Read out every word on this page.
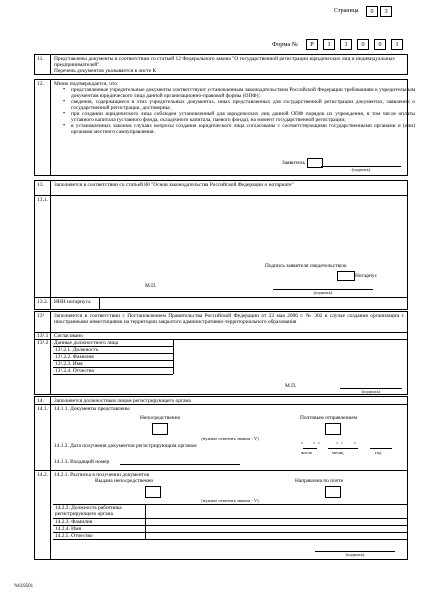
Страница	0	3
Форма №	Р	1	1	0	0	1
11. Представлены документы в соответствии со статьей 12 Федерального закона "О государственной регистрации юридических лиц и индивидуальных предпринимателей".
Перечень документов указывается в листе К
12. Мною подтверждается, что:
• представленные учредительные документы соответствуют установленным законодательством Российской Федерации требованиям к учредительным документам юридического лица данной организационно-правовой формы (ОПФ);
• сведения, содержащиеся в этих учредительных документах, иных представленных для государственной регистрации документах, заявлении о государственной регистрации, достоверны;
• при создании юридического лица соблюден установленный для юридических лиц данной ОПФ порядок их учреждения, в том числе оплаты уставного капитала (уставного фонда, складочного капитала, паевого фонда), на момент государственной регистрации;
• в установленных законом случаях вопросы создания юридического лица согласованы с соответствующими государственными органами и (или) органами местного самоуправления.
Заявитель
(подпись)
13. Заполняется в соответствии со статьей 80 "Основ законодательства Российской Федерации о нотариате"
13.1.
Подпись заявителя свидетельствую
Нотариус
М.П.
(подпись)
13.2. ИНН нотариуса
13¹ Заполняется в соответствии с Постановлением Правительства Российской Федерации от 22 мая 2006 г. № 302 в случае создания организации с иностранными инвестициями на территории закрытого административно-территориального образования
13¹.1 Согласовано
13¹.2 Данные должностного лица
13¹.2.1. Должность
13¹.2.2. Фамилия
13¹.2.3. Имя
13¹.2.4. Отчество
М.П.
(подпись)
14. Заполняется должностным лицом регистрирующего органа
14.1. 14.1.1. Документы представлены
Непосредственно	Почтовым отправлением
(нужное отметить знаком - V)
14.1.2. Дата получения документов регистрирующим органом	"       "  "            "  "        "
число	месяц	год
14.1.3. Входящий номер
14.2. 14.2.1. Расписка в получении документов
Выдана непосредственно	Направлена по почте
(нужное отметить знаком - V)
14.2.2. Должность работника регистрирующего органа
14.2.3. Фамилия
14.2.4. Имя
14.2.5. Отчество
(подпись)
%619501
